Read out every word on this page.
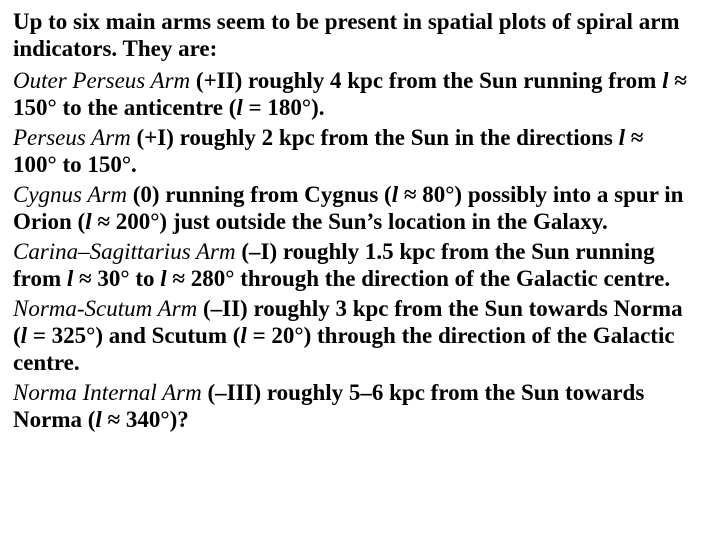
Up to six main arms seem to be present in spatial plots of spiral arm indicators. They are:

Outer Perseus Arm (+II) roughly 4 kpc from the Sun running from l ≈ 150° to the anticentre (l = 180°).

Perseus Arm (+I) roughly 2 kpc from the Sun in the directions l ≈ 100° to 150°.

Cygnus Arm (0) running from Cygnus (l ≈ 80°) possibly into a spur in Orion (l ≈ 200°) just outside the Sun’s location in the Galaxy.

Carina–Sagittarius Arm (–I) roughly 1.5 kpc from the Sun running from l ≈ 30° to l ≈ 280° through the direction of the Galactic centre.

Norma-Scutum Arm (–II) roughly 3 kpc from the Sun towards Norma (l = 325°) and Scutum (l = 20°) through the direction of the Galactic centre.

Norma Internal Arm (–III) roughly 5–6 kpc from the Sun towards Norma (l ≈ 340°)?
